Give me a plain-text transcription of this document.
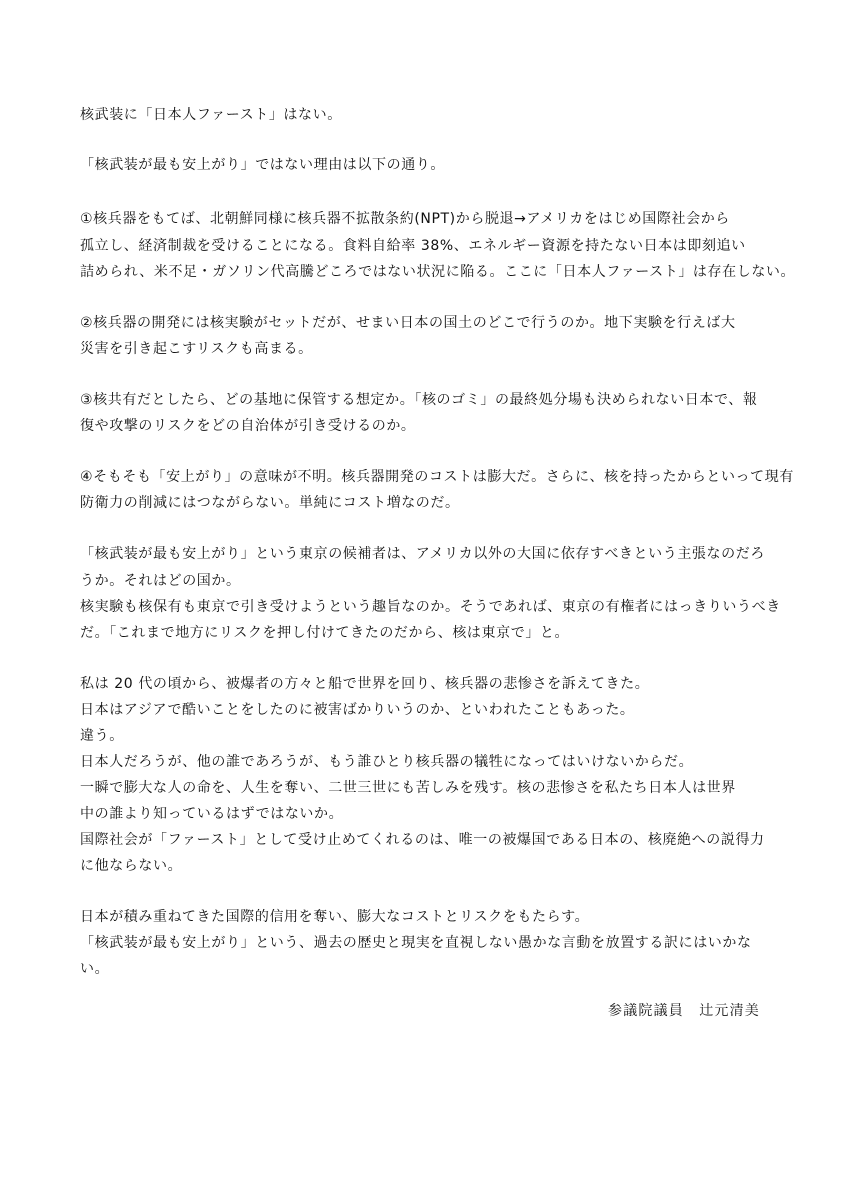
核武装に「日本人ファースト」はない。
「核武装が最も安上がり」ではない理由は以下の通り。
①核兵器をもてば、北朝鮮同様に核兵器不拡散条約(NPT)から脱退→アメリカをはじめ国際社会から
孤立し、経済制裁を受けることになる。食料自給率 38%、エネルギー資源を持たない日本は即刻追い
詰められ、米不足・ガソリン代高騰どころではない状況に陥る。ここに「日本人ファースト」は存在しない。
②核兵器の開発には核実験がセットだが、せまい日本の国土のどこで行うのか。地下実験を行えば大
災害を引き起こすリスクも高まる。
③核共有だとしたら、どの基地に保管する想定か。「核のゴミ」の最終処分場も決められない日本で、報
復や攻撃のリスクをどの自治体が引き受けるのか。
④そもそも「安上がり」の意味が不明。核兵器開発のコストは膨大だ。さらに、核を持ったからといって現有
防衛力の削減にはつながらない。単純にコスト増なのだ。
「核武装が最も安上がり」という東京の候補者は、アメリカ以外の大国に依存すべきという主張なのだろ
うか。それはどの国か。
核実験も核保有も東京で引き受けようという趣旨なのか。そうであれば、東京の有権者にはっきりいうべき
だ。「これまで地方にリスクを押し付けてきたのだから、核は東京で」と。
私は 20 代の頃から、被爆者の方々と船で世界を回り、核兵器の悲惨さを訴えてきた。
日本はアジアで酷いことをしたのに被害ばかりいうのか、といわれたこともあった。
違う。
日本人だろうが、他の誰であろうが、もう誰ひとり核兵器の犠牲になってはいけないからだ。
一瞬で膨大な人の命を、人生を奪い、二世三世にも苦しみを残す。核の悲惨さを私たち日本人は世界
中の誰より知っているはずではないか。
国際社会が「ファースト」として受け止めてくれるのは、唯一の被爆国である日本の、核廃絶への説得力
に他ならない。
日本が積み重ねてきた国際的信用を奪い、膨大なコストとリスクをもたらす。
「核武装が最も安上がり」という、過去の歴史と現実を直視しない愚かな言動を放置する訳にはいかな
い。
参議院議員　辻元清美
